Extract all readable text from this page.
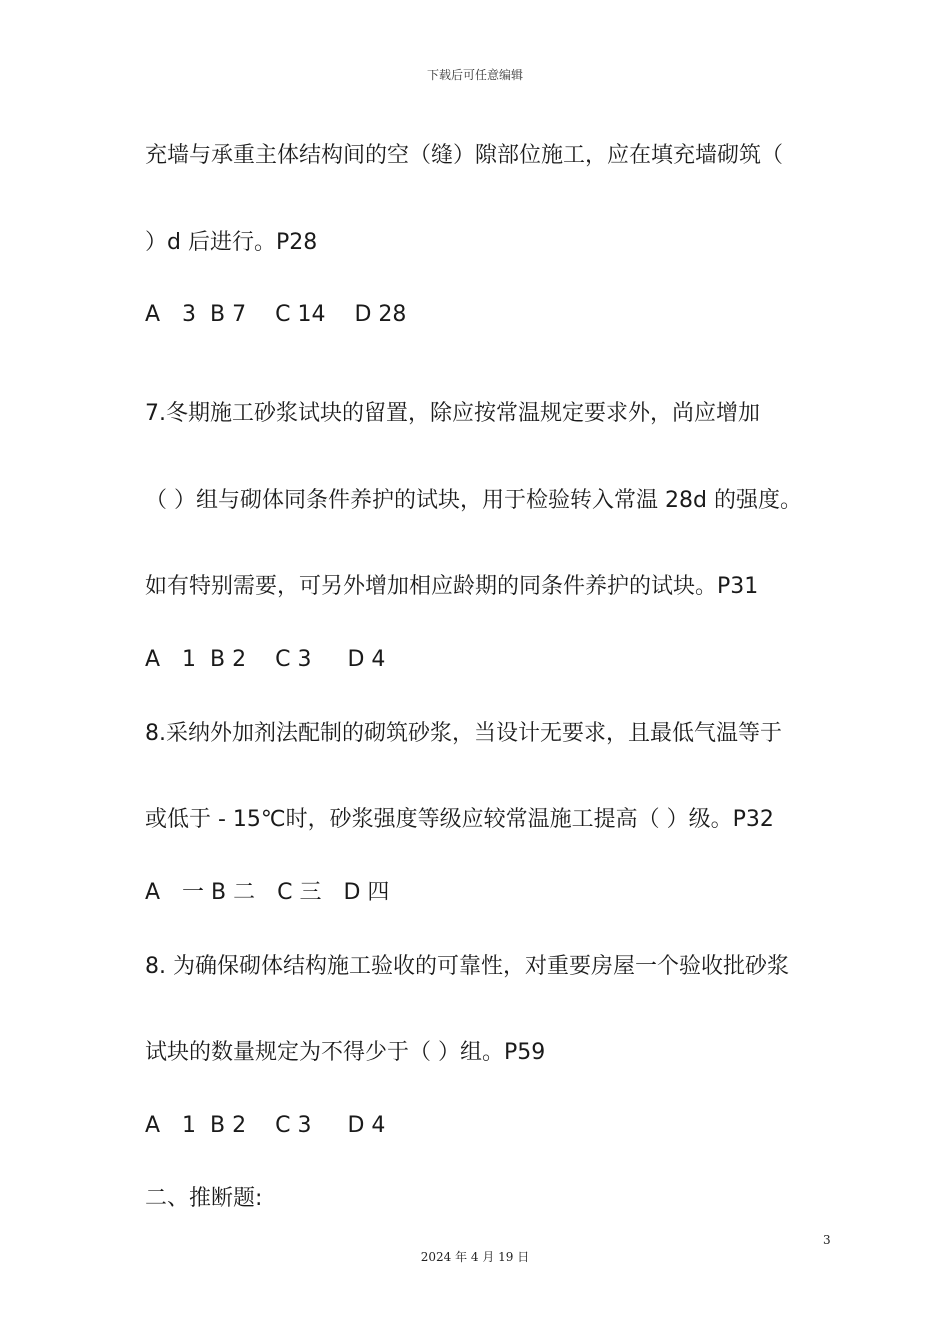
下载后可任意编辑
充墙与承重主体结构间的空（缝）隙部位施工，应在填充墙砌筑（
）d 后进行。P28
A　3  B 7　 C 14　 D 28
7.冬期施工砂浆试块的留置，除应按常温规定要求外，尚应增加
（ ）组与砌体同条件养护的试块，用于检验转入常温 28d 的强度。
如有特别需要，可另外增加相应龄期的同条件养护的试块。P31
A　1  B 2　 C 3　  D 4
8.采纳外加剂法配制的砌筑砂浆，当设计无要求，且最低气温等于
或低于 - 15℃时，砂浆强度等级应较常温施工提高（ ）级。P32
A　一 B 二　C 三　D 四
8. 为确保砌体结构施工验收的可靠性，对重要房屋一个验收批砂浆
试块的数量规定为不得少于（ ）组。P59
A　1  B 2　 C 3　  D 4
二、推断题:
3
2024 年 4 月 19 日
